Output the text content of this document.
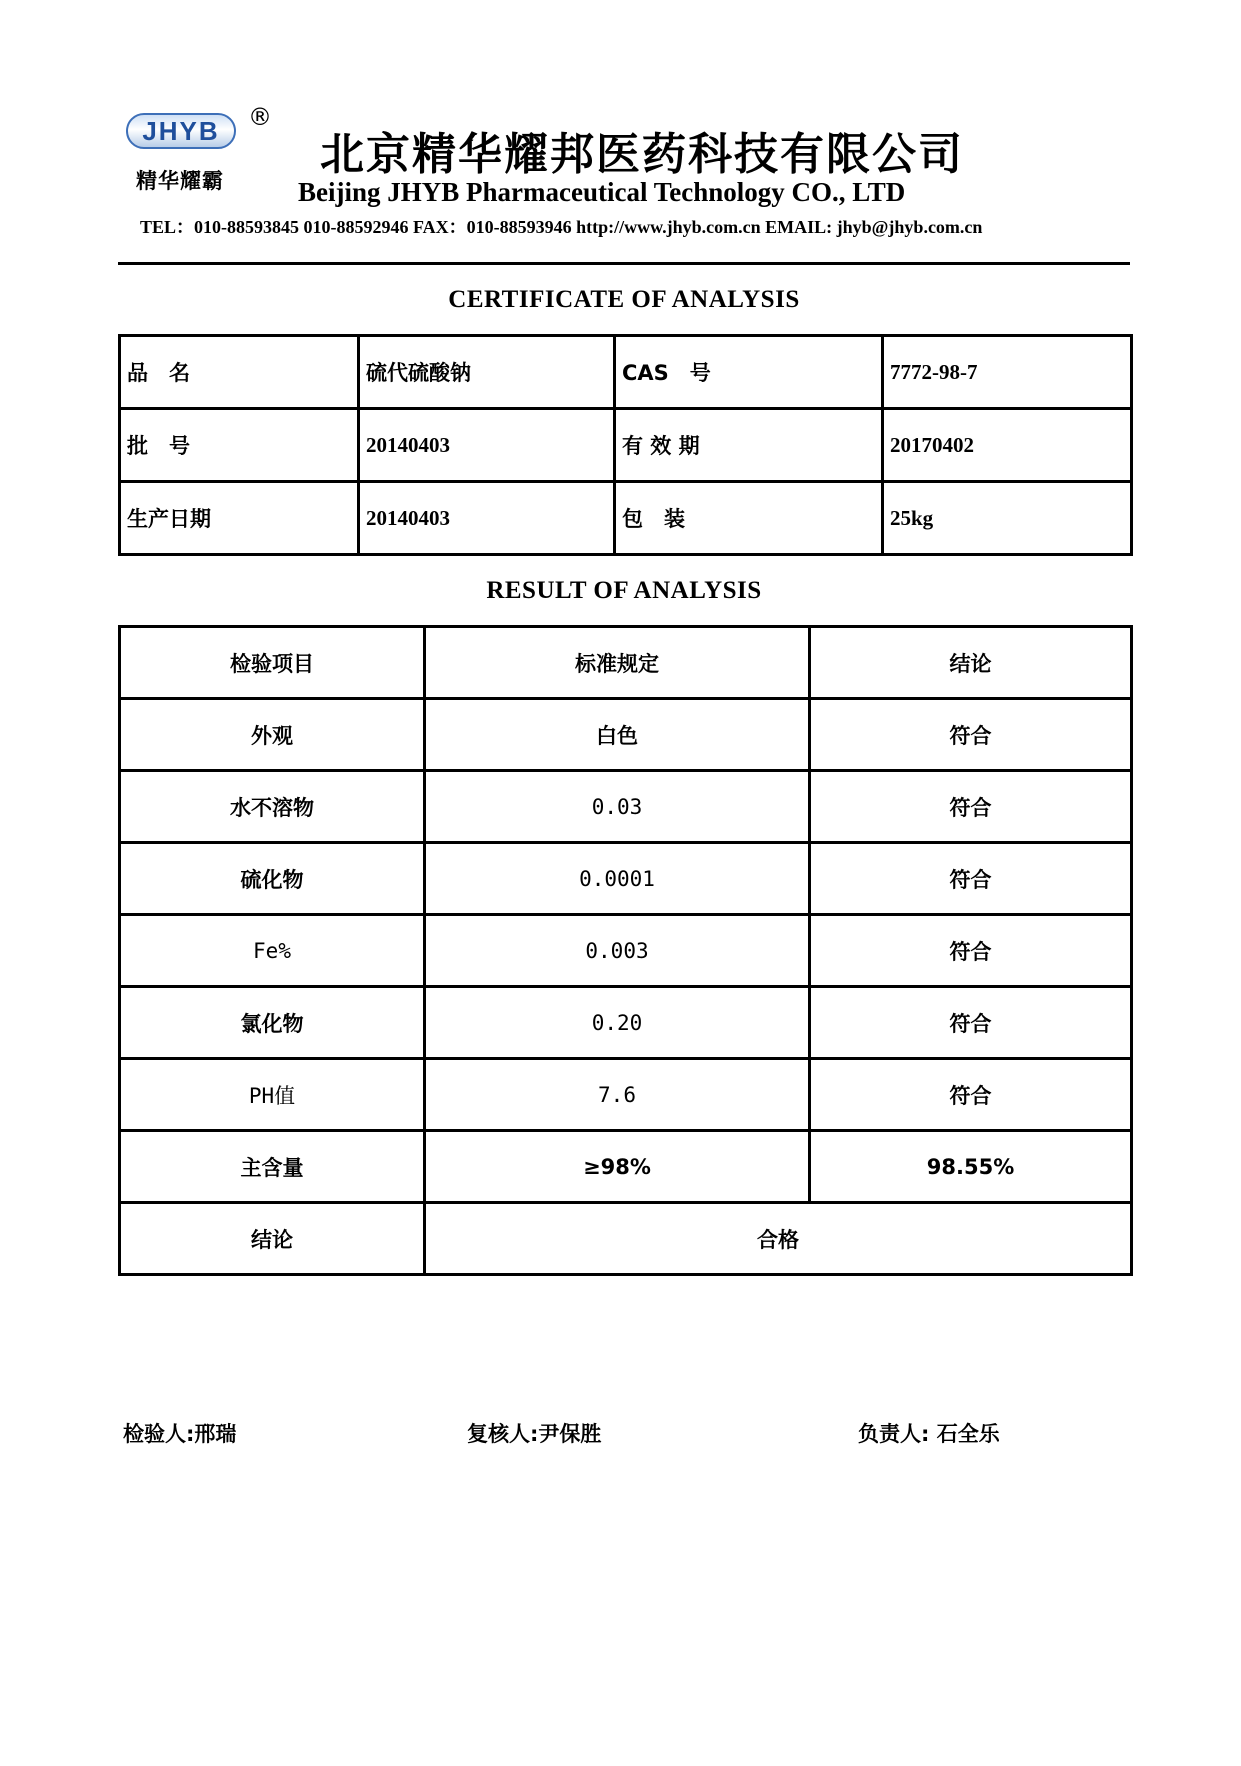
JHYB ®
精华耀霸
北京精华耀邦医药科技有限公司
Beijing JHYB Pharmaceutical Technology CO., LTD
TEL：010-88593845 010-88592946 FAX：010-88593946 http://www.jhyb.com.cn EMAIL: jhyb@jhyb.com.cn
CERTIFICATE OF ANALYSIS
品　名	硫代硫酸钠	CAS　号	7772-98-7
批　号	20140403	有 效 期	20170402
生产日期	20140403	包　装	25kg
RESULT OF ANALYSIS
检验项目	标准规定	结论
外观	白色	符合
水不溶物	0.03	符合
硫化物	0.0001	符合
Fe%	0.003	符合
氯化物	0.20	符合
PH值	7.6	符合
主含量	≥98%	98.55%
结论	合格	
检验人:邢瑞	复核人:尹保胜	负责人: 石全乐
